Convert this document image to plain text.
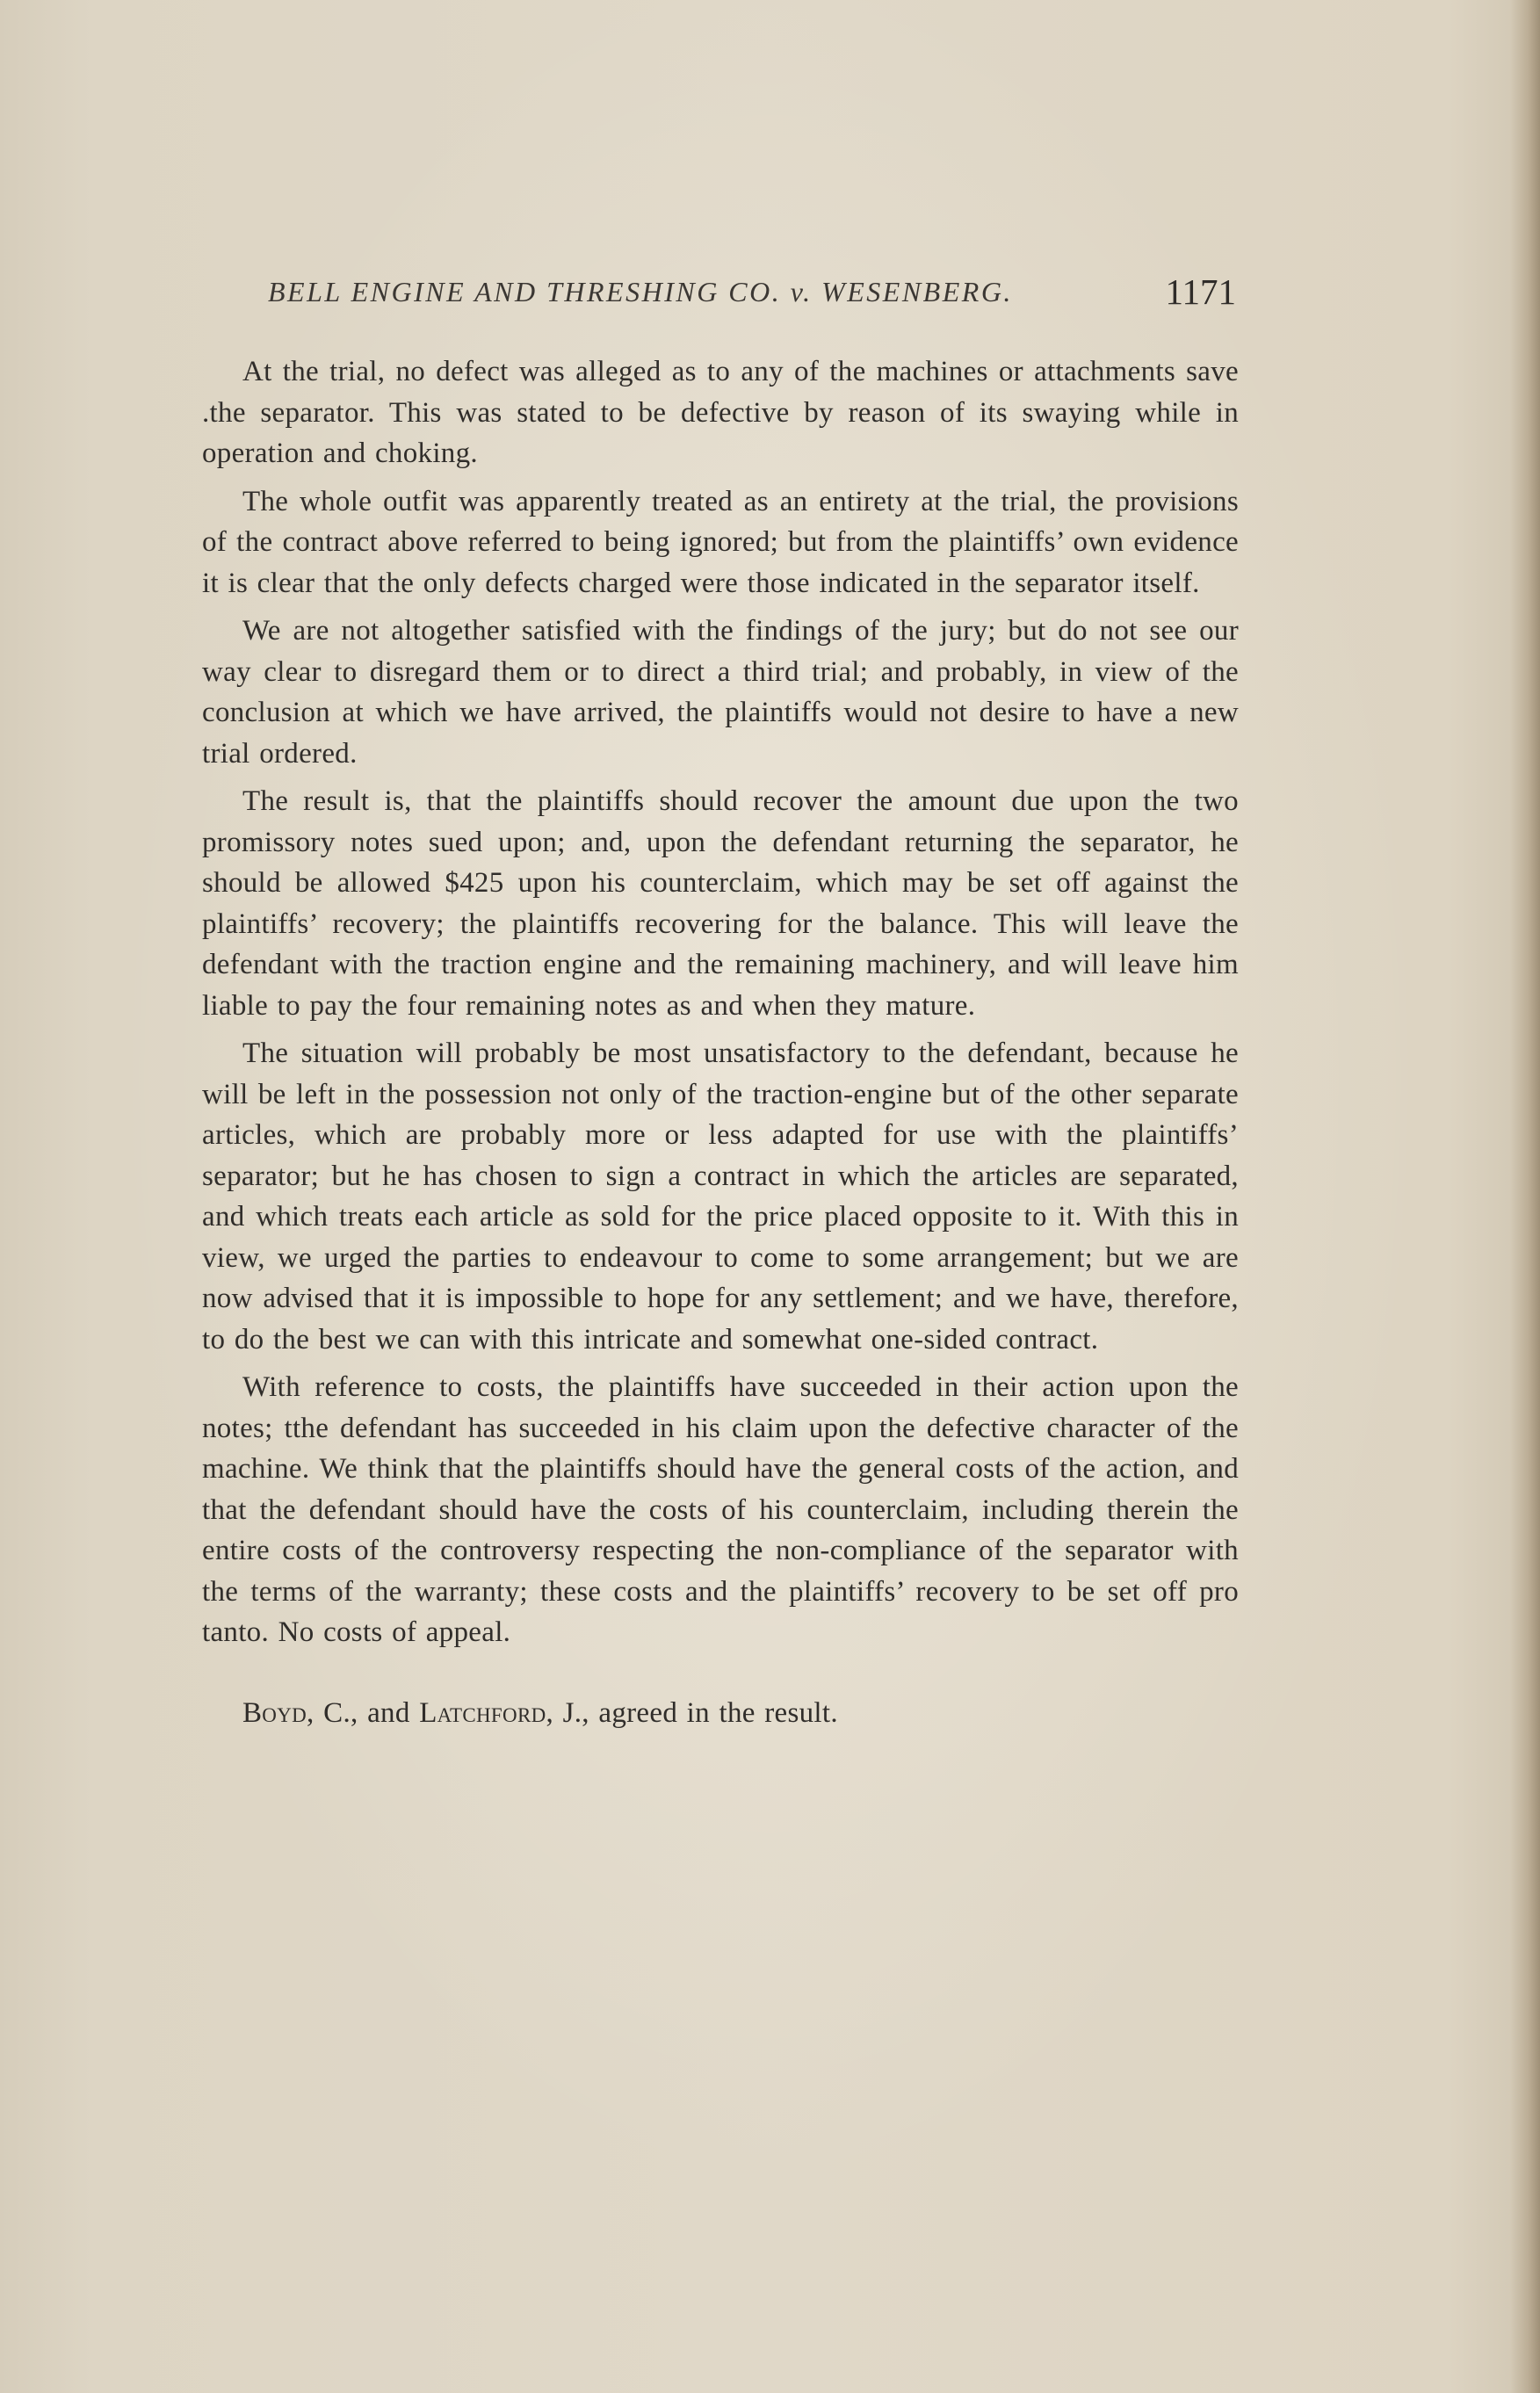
BELL ENGINE AND THRESHING CO. v. WESENBERG.	1171

At the trial, no defect was alleged as to any of the machines or attachments save .the separator. This was stated to be defective by reason of its swaying while in operation and choking.

The whole outfit was apparently treated as an entirety at the trial, the provisions of the contract above referred to being ignored; but from the plaintiffs’ own evidence it is clear that the only defects charged were those indicated in the separator itself.

We are not altogether satisfied with the findings of the jury; but do not see our way clear to disregard them or to direct a third trial; and probably, in view of the conclusion at which we have arrived, the plaintiffs would not desire to have a new trial ordered.

The result is, that the plaintiffs should recover the amount due upon the two promissory notes sued upon; and, upon the defendant returning the separator, he should be allowed $425 upon his counterclaim, which may be set off against the plaintiffs’ recovery; the plaintiffs recovering for the balance. This will leave the defendant with the traction engine and the remaining machinery, and will leave him liable to pay the four remaining notes as and when they mature.

The situation will probably be most unsatisfactory to the defendant, because he will be left in the possession not only of the traction-engine but of the other separate articles, which are probably more or less adapted for use with the plaintiffs’ separator; but he has chosen to sign a contract in which the articles are separated, and which treats each article as sold for the price placed opposite to it. With this in view, we urged the parties to endeavour to come to some arrangement; but we are now advised that it is impossible to hope for any settlement; and we have, therefore, to do the best we can with this intricate and somewhat one-sided contract.

With reference to costs, the plaintiffs have succeeded in their action upon the notes; tthe defendant has succeeded in his claim upon the defective character of the machine. We think that the plaintiffs should have the general costs of the action, and that the defendant should have the costs of his counterclaim, including therein the entire costs of the controversy respecting the non-compliance of the separator with the terms of the warranty; these costs and the plaintiffs’ recovery to be set off pro tanto. No costs of appeal.

Boyd, C., and Latchford, J., agreed in the result.
